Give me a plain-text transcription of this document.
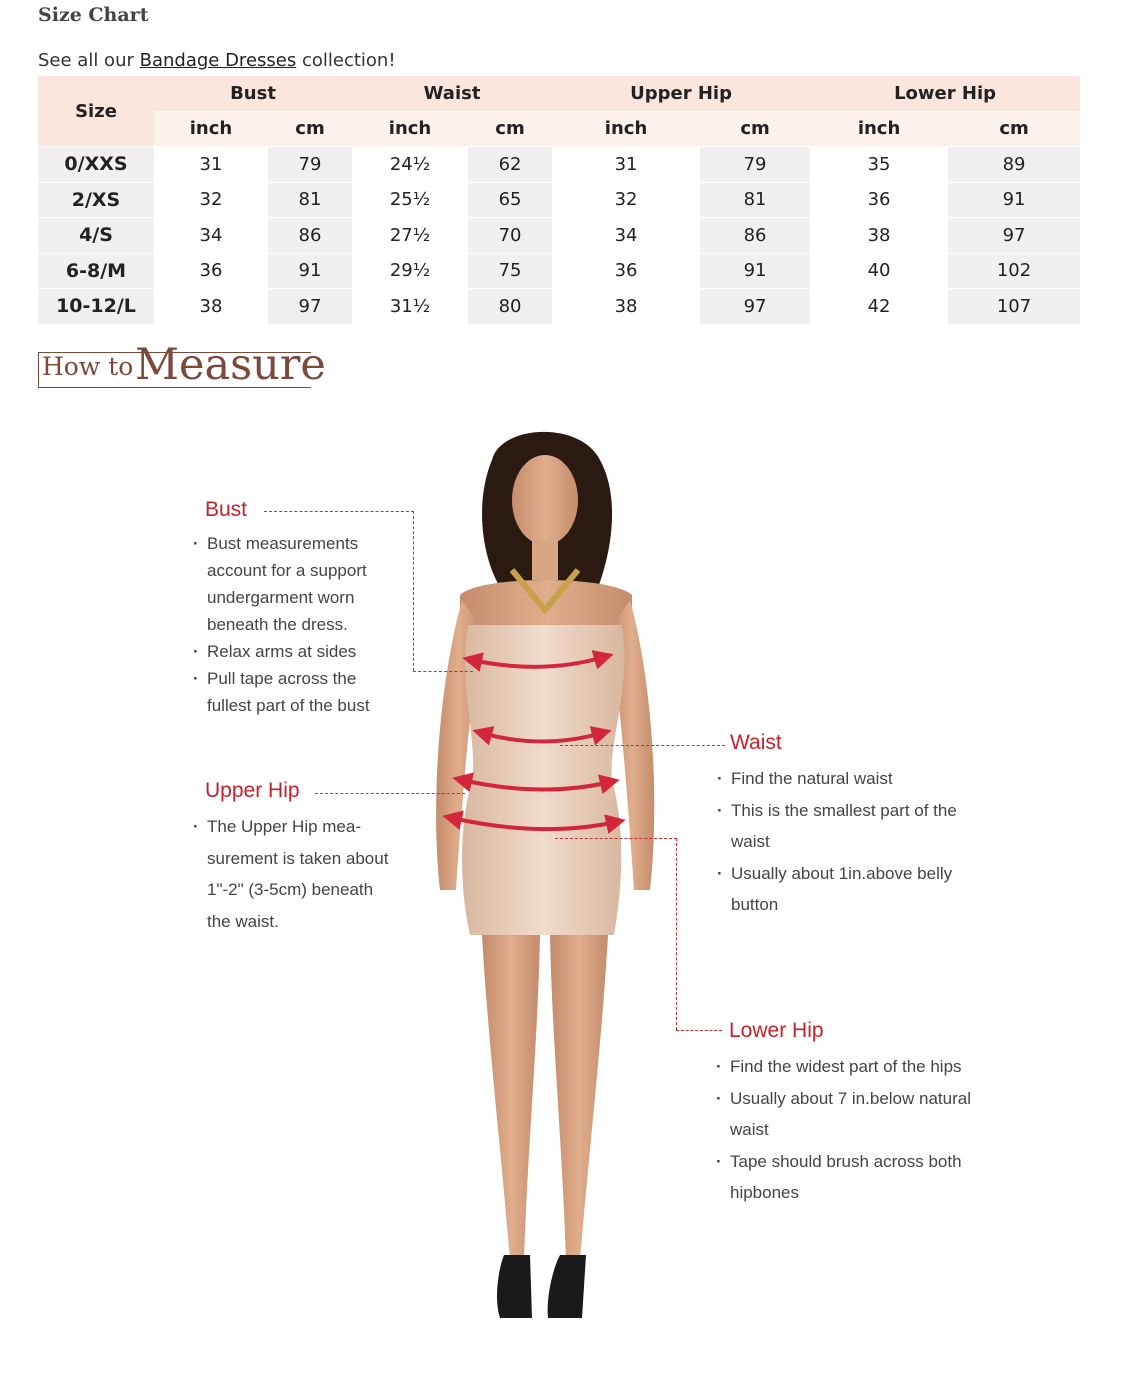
Size Chart
See all our Bandage Dresses collection!
Size	Bust		Waist		Upper Hip		Lower Hip	
	inch	cm	inch	cm	inch	cm	inch	cm
0/XXS	31	79	24½	62	31	79	35	89
2/XS	32	81	25½	65	32	81	36	91
4/S	34	86	27½	70	34	86	38	97
6-8/M	36	91	29½	75	36	91	40	102
10-12/L	38	97	31½	80	38	97	42	107
How to Measure
Bust
· Bust measurements account for a support undergarment worn beneath the dress.
· Relax arms at sides
· Pull tape across the fullest part of the bust
Upper Hip
· The Upper Hip mea-surement is taken about 1"-2" (3-5cm) beneath the waist.
Waist
· Find the natural waist
· This is the smallest part of the waist
· Usually about 1in.above belly button
Lower Hip
· Find the widest part of the hips
· Usually about 7 in.below natural waist
· Tape should brush across both hipbones
